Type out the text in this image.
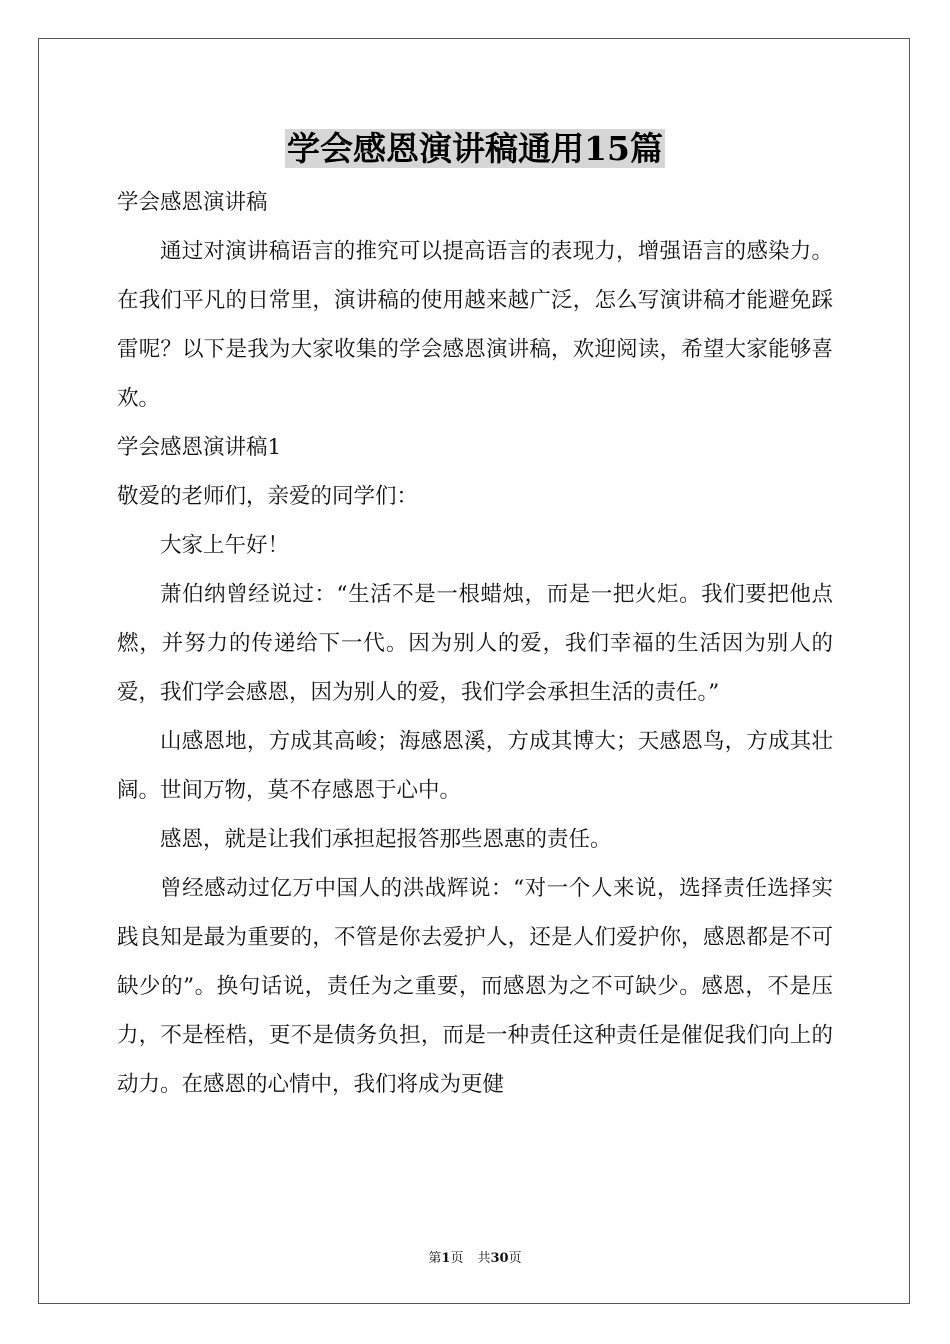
学会感恩演讲稿通用15篇

学会感恩演讲稿

通过对演讲稿语言的推究可以提高语言的表现力，增强语言的感染力。在我们平凡的日常里，演讲稿的使用越来越广泛，怎么写演讲稿才能避免踩雷呢？以下是我为大家收集的学会感恩演讲稿，欢迎阅读，希望大家能够喜欢。

学会感恩演讲稿1

敬爱的老师们，亲爱的同学们：

大家上午好！

萧伯纳曾经说过：“生活不是一根蜡烛，而是一把火炬。我们要把他点燃，并努力的传递给下一代。因为别人的爱，我们幸福的生活因为别人的爱，我们学会感恩，因为别人的爱，我们学会承担生活的责任。”

山感恩地，方成其高峻；海感恩溪，方成其博大；天感恩鸟，方成其壮阔。世间万物，莫不存感恩于心中。

感恩，就是让我们承担起报答那些恩惠的责任。

曾经感动过亿万中国人的洪战辉说：“对一个人来说，选择责任选择实践良知是最为重要的，不管是你去爱护人，还是人们爱护你，感恩都是不可缺少的”。换句话说，责任为之重要，而感恩为之不可缺少。感恩，不是压力，不是桎梏，更不是债务负担，而是一种责任这种责任是催促我们向上的动力。在感恩的心情中，我们将成为更健

第1页 共30页
